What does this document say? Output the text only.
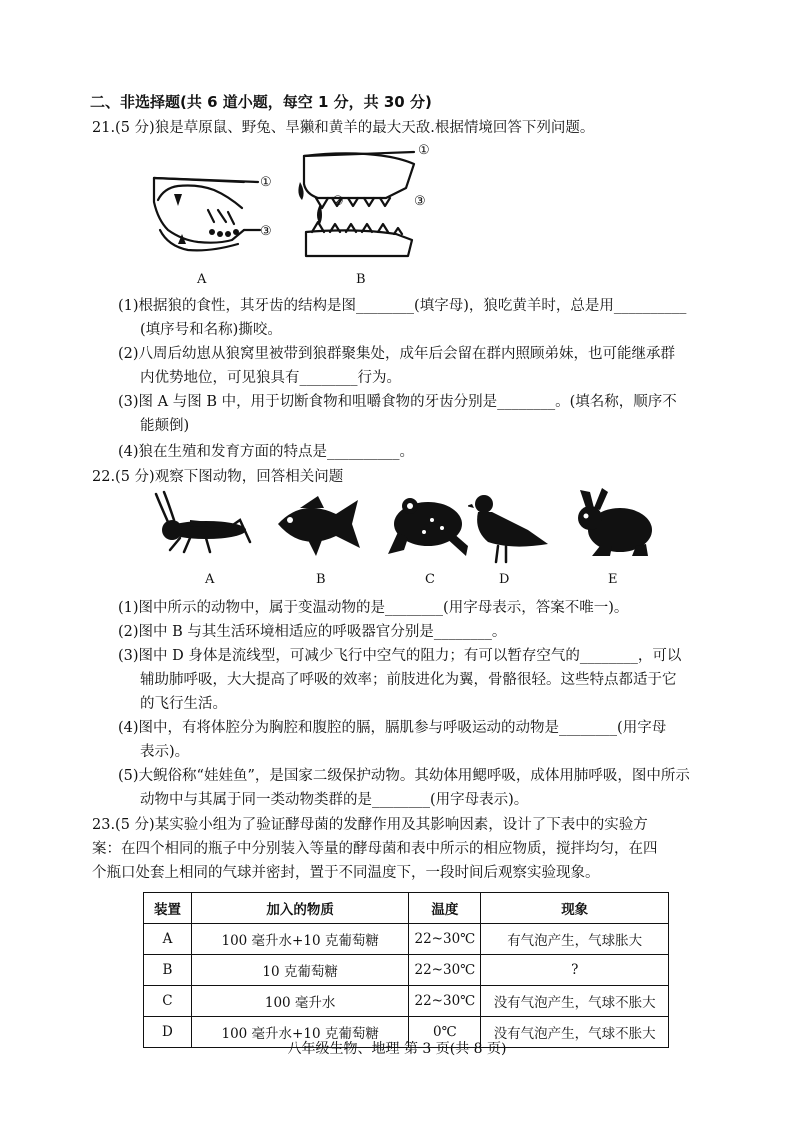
二、非选择题(共 6 道小题，每空 1 分，共 30 分)
21.(5 分)狼是草原鼠、野兔、旱獭和黄羊的最大天敌.根据情境回答下列问题。
①
③
A
①
②	③
B
(1)根据狼的食性，其牙齿的结构是图________(填字母)，狼吃黄羊时，总是用__________
(填序号和名称)撕咬。
(2)八周后幼崽从狼窝里被带到狼群聚集处，成年后会留在群内照顾弟妹，也可能继承群
内优势地位，可见狼具有________行为。
(3)图 A 与图 B 中，用于切断食物和咀嚼食物的牙齿分别是________。(填名称，顺序不
能颠倒)
(4)狼在生殖和发育方面的特点是__________。
22.(5 分)观察下图动物，回答相关问题
A	B	C	D	E
(1)图中所示的动物中，属于变温动物的是________(用字母表示，答案不唯一)。
(2)图中 B 与其生活环境相适应的呼吸器官分别是________。
(3)图中 D 身体是流线型，可减少飞行中空气的阻力；有可以暂存空气的________，可以
辅助肺呼吸，大大提高了呼吸的效率；前肢进化为翼，骨骼很轻。这些特点都适于它
的飞行生活。
(4)图中，有将体腔分为胸腔和腹腔的膈，膈肌参与呼吸运动的动物是________(用字母
表示)。
(5)大鲵俗称“娃娃鱼”，是国家二级保护动物。其幼体用鳃呼吸，成体用肺呼吸，图中所示
动物中与其属于同一类动物类群的是________(用字母表示)。
23.(5 分)某实验小组为了验证酵母菌的发酵作用及其影响因素，设计了下表中的实验方
案：在四个相同的瓶子中分别装入等量的酵母菌和表中所示的相应物质，搅拌均匀，在四
个瓶口处套上相同的气球并密封，置于不同温度下，一段时间后观察实验现象。
装置	加入的物质	温度	现象
A	100 毫升水+10 克葡萄糖	22~30℃	有气泡产生，气球胀大
B	10 克葡萄糖	22~30℃	?
C	100 毫升水	22~30℃	没有气泡产生，气球不胀大
D	100 毫升水+10 克葡萄糖	0℃	没有气泡产生，气球不胀大
八年级生物、地理 第 3 页(共 8 页)
